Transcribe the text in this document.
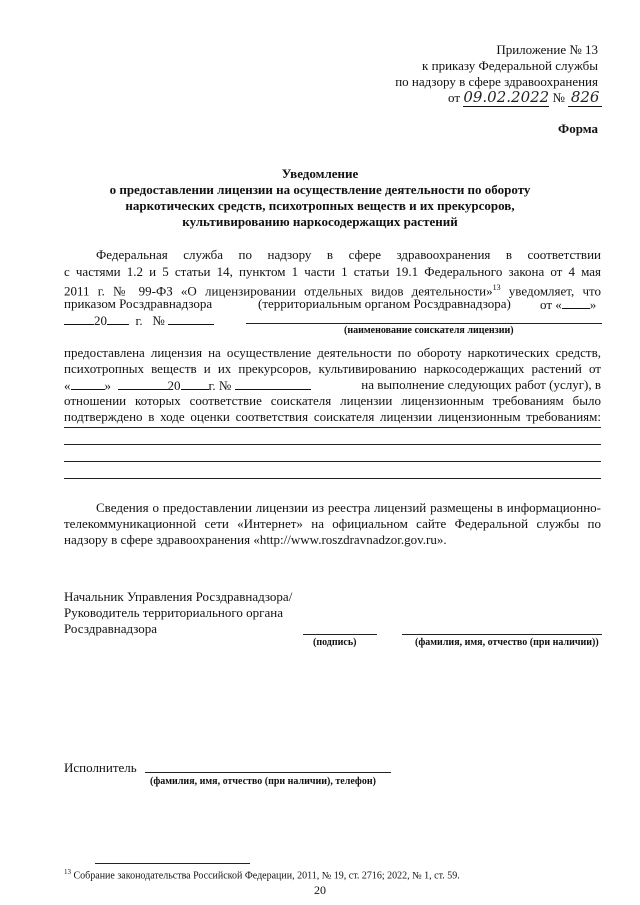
Приложение № 13
к приказу Федеральной службы
по надзору в сфере здравоохранения
от 09.02.2022 № 826
Форма
Уведомление
о предоставлении лицензии на осуществление деятельности по обороту
наркотических средств, психотропных веществ и их прекурсоров,
культивированию наркосодержащих растений
Федеральная служба по надзору в сфере здравоохранения в соответствии
с частями 1.2 и 5 статьи 14, пунктом 1 части 1 статьи 19.1 Федерального закона от 4 мая
2011 г. № 99-ФЗ «О лицензировании отдельных видов деятельности»$^{13}$ уведомляет, что
приказом Росздравнадзора	(территориальным органом Росздравнадзора) от « »
20 г. №
(наименование соискателя лицензии)
предоставлена лицензия на осуществление деятельности по обороту наркотических средств,
психотропных веществ и их прекурсоров, культивированию наркосодержащих растений от
«	»	20 г. №	на выполнение следующих работ (услуг), в
отношении которых соответствие соискателя лицензии лицензионным требованиям было
подтверждено в ходе оценки соответствия соискателя лицензии лицензионным требованиям:
Сведения о предоставлении лицензии из реестра лицензий размещены в информационно-
телекоммуникационной сети «Интернет» на официальном сайте Федеральной службы по
надзору в сфере здравоохранения «http://www.roszdravnadzor.gov.ru».
Начальник Управления Росздравнадзора/
Руководитель территориального органа
Росздравнадзора
(подпись)	(фамилия, имя, отчество (при наличии))
Исполнитель
(фамилия, имя, отчество (при наличии), телефон)
$^{13}$ Собрание законодательства Российской Федерации, 2011, № 19, ст. 2716; 2022, № 1, ст. 59.
20
